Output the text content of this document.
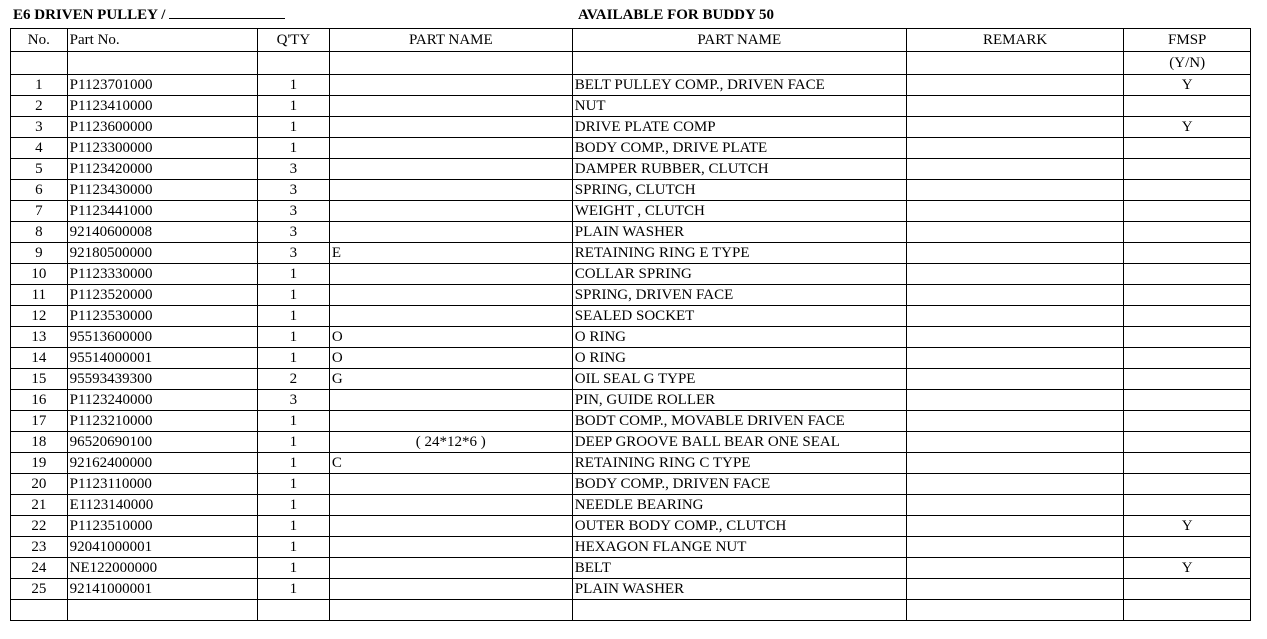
E6 DRIVEN PULLEY /	AVAILABLE FOR BUDDY 50
No.	Part No.	Q'TY	PART NAME	PART NAME	REMARK	FMSP
						(Y/N)
1	P1123701000	1		BELT PULLEY COMP., DRIVEN FACE		Y
2	P1123410000	1		NUT		
3	P1123600000	1		DRIVE PLATE COMP		Y
4	P1123300000	1		BODY COMP., DRIVE PLATE		
5	P1123420000	3		DAMPER RUBBER, CLUTCH		
6	P1123430000	3		SPRING, CLUTCH		
7	P1123441000	3		WEIGHT , CLUTCH		
8	92140600008	3		PLAIN WASHER		
9	92180500000	3	E	RETAINING RING E TYPE		
10	P1123330000	1		COLLAR SPRING		
11	P1123520000	1		SPRING, DRIVEN FACE		
12	P1123530000	1		SEALED SOCKET		
13	95513600000	1	O	O RING		
14	95514000001	1	O	O RING		
15	95593439300	2	G	OIL SEAL G TYPE		
16	P1123240000	3		PIN, GUIDE ROLLER		
17	P1123210000	1		BODT COMP., MOVABLE DRIVEN FACE		
18	96520690100	1	( 24*12*6 )	DEEP GROOVE BALL BEAR ONE SEAL		
19	92162400000	1	C	RETAINING RING C TYPE		
20	P1123110000	1		BODY COMP., DRIVEN FACE		
21	E1123140000	1		NEEDLE BEARING		
22	P1123510000	1		OUTER BODY COMP., CLUTCH		Y
23	92041000001	1		HEXAGON FLANGE NUT		
24	NE122000000	1		BELT		Y
25	92141000001	1		PLAIN WASHER		
